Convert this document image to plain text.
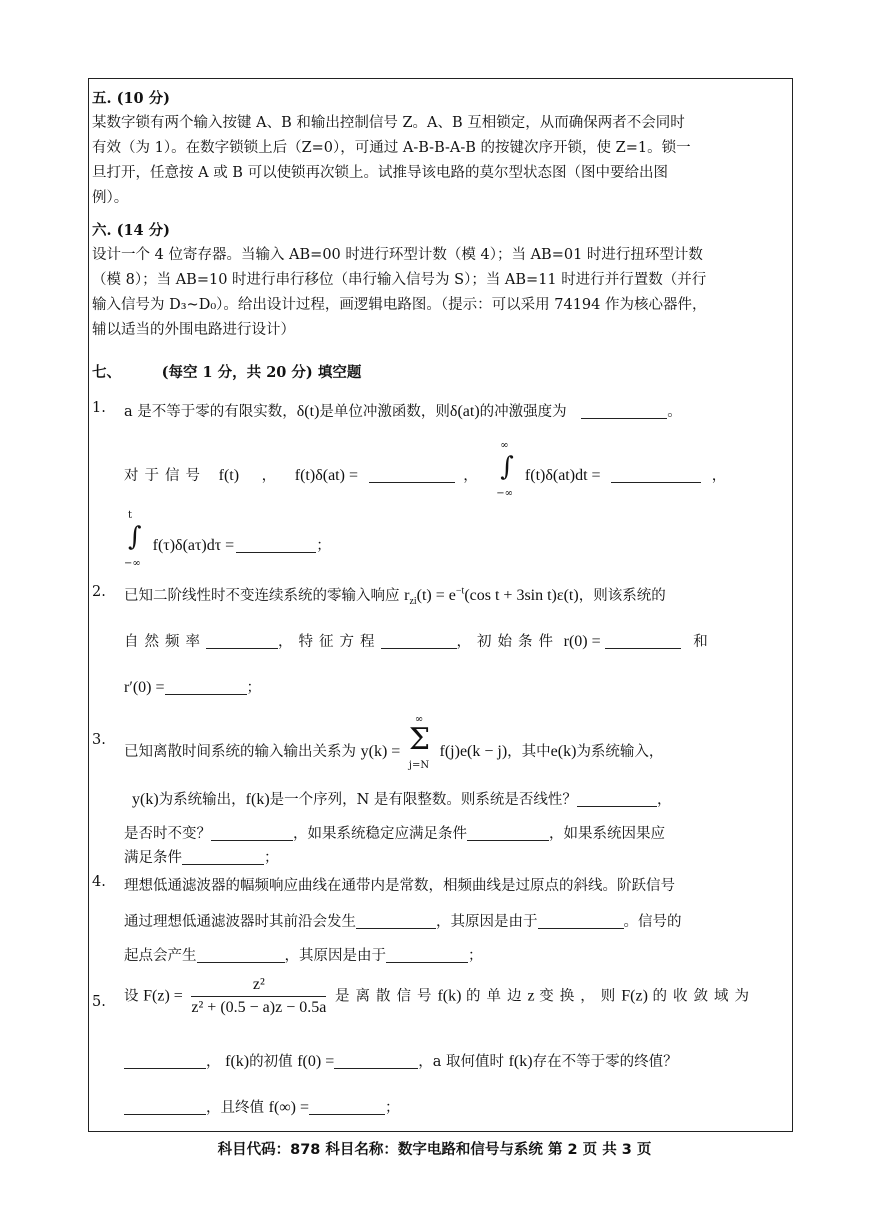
五. (10 分)
某数字锁有两个输入按键 A、B 和输出控制信号 Z。A、B 互相锁定，从而确保两者不会同时
有效（为 1）。在数字锁锁上后（Z=0），可通过 A-B-B-A-B 的按键次序开锁，使 Z=1。锁一
旦打开，任意按 A 或 B 可以使锁再次锁上。试推导该电路的莫尔型状态图（图中要给出图
例）。
六. (14 分)
设计一个 4 位寄存器。当输入 AB=00 时进行环型计数（模 4）；当 AB=01 时进行扭环型计数
（模 8）；当 AB=10 时进行串行移位（串行输入信号为 S）；当 AB=11 时进行并行置数（并行
输入信号为 D₃~D₀）。给出设计过程，画逻辑电路图。（提示：可以采用 74194 作为核心器件，
辅以适当的外围电路进行设计）
七、	(每空 1 分，共 20 分) 填空题
1. a 是不等于零的有限实数，δ(t)是单位冲激函数，则δ(at)的冲激强度为	。
对于信号 f(t) ， f(t)δ(at) =	，
∞
∫
−∞
f(t)δ(at)dt =	，
t
∫
−∞
f(τ)δ(aτ)dτ =	；
2. 已知二阶线性时不变连续系统的零输入响应 $r_{zi}(t) = e^{-t}(\cos$ t + 3sin t)ε(t)，则该系统的
自然频率	，特征方程	，初始条件 r(0) =	和
r′(0) =	；
3.
已知离散时间系统的输入输出关系为 y(k) =
∞
Σ
j=N
f(j)e(k − j)，其中e(k)为系统输入，
y(k)为系统输出，f(k)是一个序列，N 是有限整数。则系统是否线性？	，
是否时不变？	，如果系统稳定应满足条件	，如果系统因果应
满足条件	；
4. 理想低通滤波器的幅频响应曲线在通带内是常数，相频曲线是过原点的斜线。阶跃信号
通过理想低通滤波器时其前沿会发生	，其原因是由于	。信号的
起点会产生	，其原因是由于	；
5. 设 $F(z) = \frac{\text{z²}}{\text{z² + (0.5 − a)z − 0.5a}}$ 是离散信号f(k) 的单边z 变换，则F(z) 的收敛域为
， f(k)的初值 f(0) =	，a 取何值时 f(k)存在不等于零的终值？
，且终值 f(∞) =	；
科目代码：878 科目名称：数字电路和信号与系统 第 2 页 共 3 页
